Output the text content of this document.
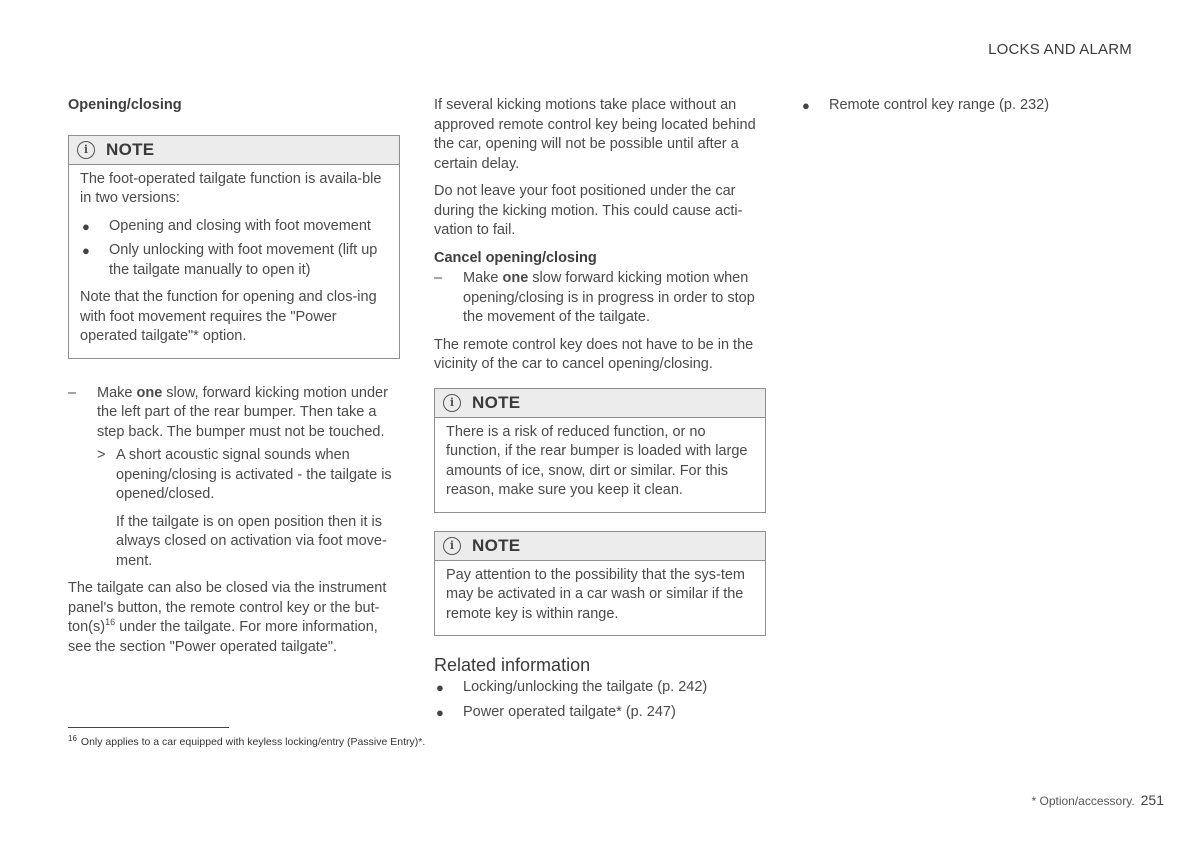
LOCKS AND ALARM
Opening/closing
i	NOTE

The foot-operated tailgate function is availa-ble in two versions:

● Opening and closing with foot movement
● Only unlocking with foot movement (lift up the tailgate manually to open it)

Note that the function for opening and clos-ing with foot movement requires the "Power operated tailgate"* option.

– Make one slow, forward kicking motion under the left part of the rear bumper. Then take a step back. The bumper must not be touched.
> A short acoustic signal sounds when opening/closing is activated - the tailgate is opened/closed.
If the tailgate is on open position then it is always closed on activation via foot move-ment.

The tailgate can also be closed via the instrument panel's button, the remote control key or the but-$ton(s)^{16}$ under the tailgate. For more information, see the section "Power operated tailgate".

If several kicking motions take place without an approved remote control key being located behind the car, opening will not be possible until after a certain delay.

Do not leave your foot positioned under the car during the kicking motion. This could cause acti-vation to fail.

Cancel opening/closing
– Make one slow forward kicking motion when opening/closing is in progress in order to stop the movement of the tailgate.

The remote control key does not have to be in the vicinity of the car to cancel opening/closing.

i	NOTE

There is a risk of reduced function, or no function, if the rear bumper is loaded with large amounts of ice, snow, dirt or similar. For this reason, make sure you keep it clean.

i	NOTE

Pay attention to the possibility that the sys-tem may be activated in a car wash or similar if the remote key is within range.

Related information
● Locking/unlocking the tailgate (p. 242)
● Power operated tailgate* (p. 247)
● Remote control key range (p. 232)
$^{16}$ Only applies to a car equipped with keyless locking/entry (Passive Entry)*.
* Option/accessory. 251
